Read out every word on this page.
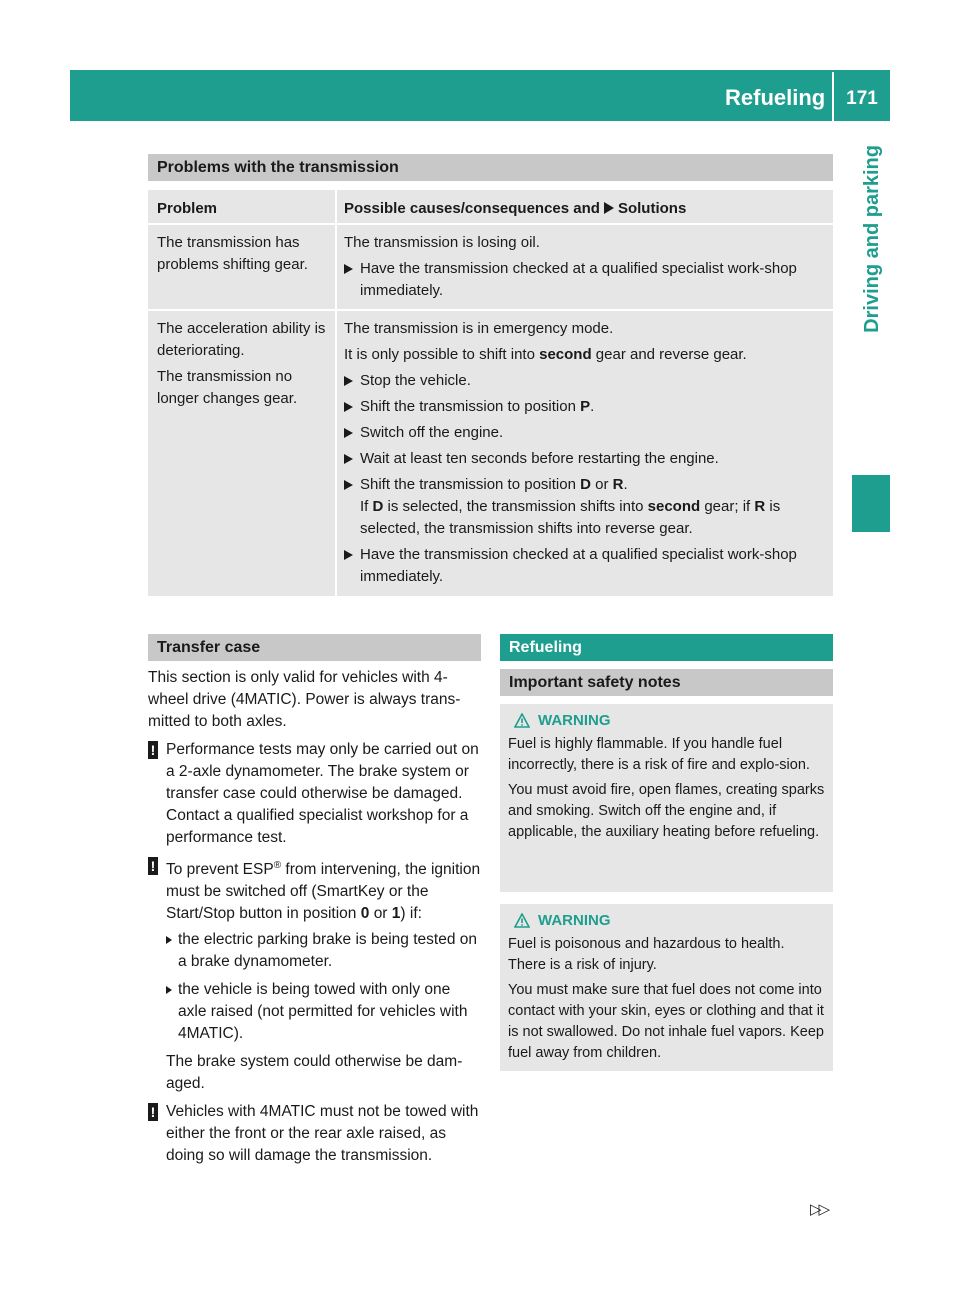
Refueling	171
Driving and parking
Problems with the transmission
Problem	Possible causes/consequences and Solutions

The transmission has problems shifting gear.

The transmission is losing oil.

Have the transmission checked at a qualified specialist work-shop immediately.

The acceleration ability is deteriorating.

The transmission no longer changes gear.

The transmission is in emergency mode.

It is only possible to shift into second gear and reverse gear.

Stop the vehicle.
Shift the transmission to position P.
Switch off the engine.
Wait at least ten seconds before restarting the engine.
Shift the transmission to position D or R.
If D is selected, the transmission shifts into second gear; if R is selected, the transmission shifts into reverse gear.
Have the transmission checked at a qualified specialist work-shop immediately.
Transfer case

This section is only valid for vehicles with 4-wheel drive (4MATIC). Power is always trans-mitted to both axles.

! Performance tests may only be carried out on a 2-axle dynamometer. The brake system or transfer case could otherwise be damaged. Contact a qualified specialist workshop for a performance test.
! To prevent ESP® from intervening, the ignition must be switched off (SmartKey or the Start/Stop button in position 0 or 1) if:
the electric parking brake is being tested on a brake dynamometer.
the vehicle is being towed with only one axle raised (not permitted for vehicles with 4MATIC).
The brake system could otherwise be dam-aged.
! Vehicles with 4MATIC must not be towed with either the front or the rear axle raised, as doing so will damage the transmission.
Refueling
Important safety notes
WARNING

Fuel is highly flammable. If you handle fuel incorrectly, there is a risk of fire and explo-sion.

You must avoid fire, open flames, creating sparks and smoking. Switch off the engine and, if applicable, the auxiliary heating before refueling.

WARNING

Fuel is poisonous and hazardous to health. There is a risk of injury.

You must make sure that fuel does not come into contact with your skin, eyes or clothing and that it is not swallowed. Do not inhale fuel vapors. Keep fuel away from children.

▷▷
